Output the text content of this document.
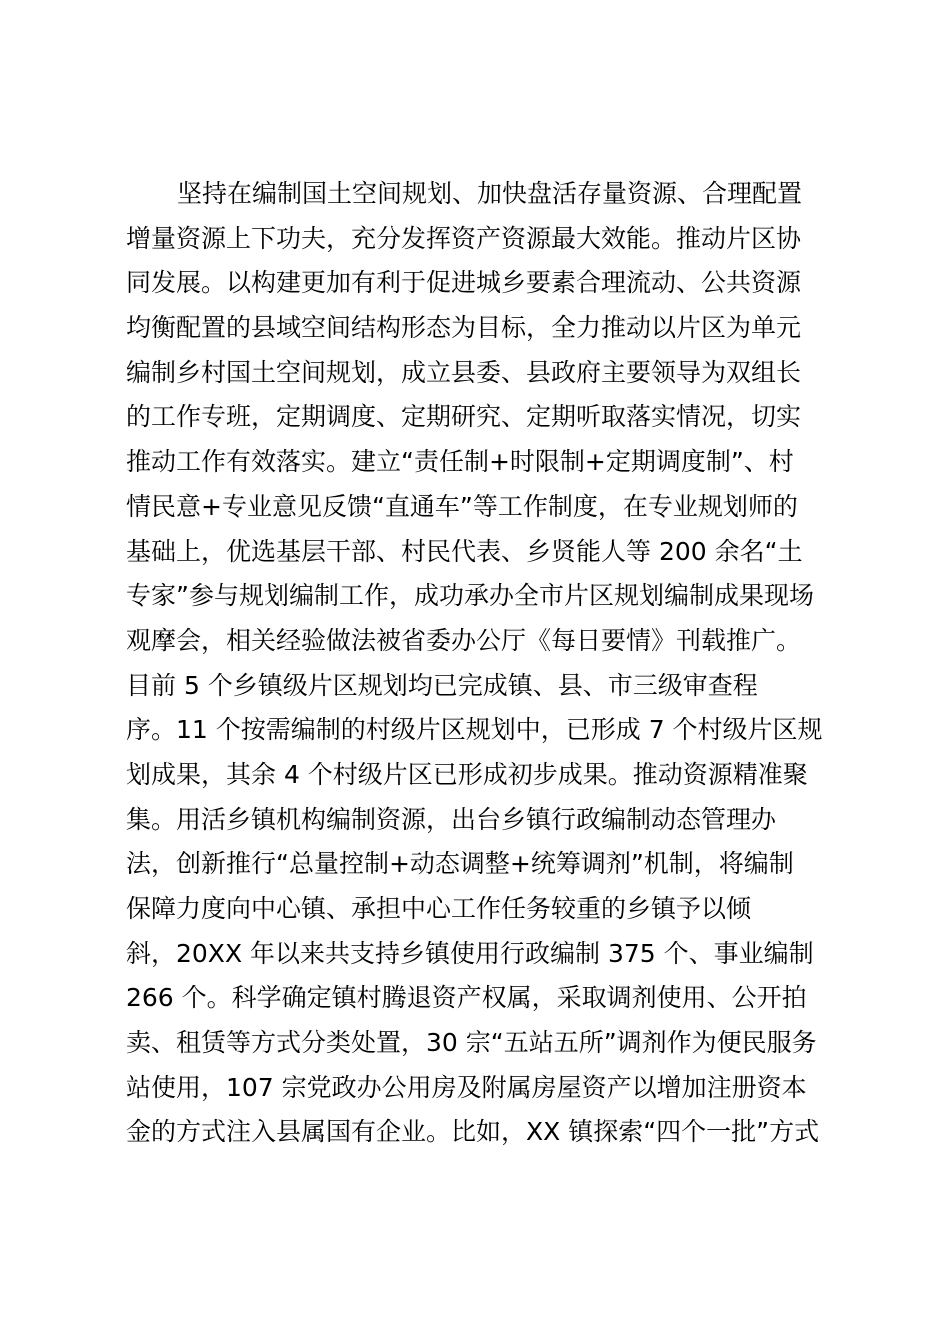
坚持在编制国土空间规划、加快盘活存量资源、合理配置
增量资源上下功夫，充分发挥资产资源最大效能。推动片区协
同发展。以构建更加有利于促进城乡要素合理流动、公共资源
均衡配置的县域空间结构形态为目标，全力推动以片区为单元
编制乡村国土空间规划，成立县委、县政府主要领导为双组长
的工作专班，定期调度、定期研究、定期听取落实情况，切实
推动工作有效落实。建立“责任制+时限制+定期调度制”、村
情民意+专业意见反馈“直通车”等工作制度，在专业规划师的
基础上，优选基层干部、村民代表、乡贤能人等 200 余名“土
专家”参与规划编制工作，成功承办全市片区规划编制成果现场
观摩会，相关经验做法被省委办公厅《每日要情》刊载推广。
目前 5 个乡镇级片区规划均已完成镇、县、市三级审查程
序。11 个按需编制的村级片区规划中，已形成 7 个村级片区规
划成果，其余 4 个村级片区已形成初步成果。推动资源精准聚
集。用活乡镇机构编制资源，出台乡镇行政编制动态管理办
法，创新推行“总量控制+动态调整+统筹调剂”机制，将编制
保障力度向中心镇、承担中心工作任务较重的乡镇予以倾
斜，20XX 年以来共支持乡镇使用行政编制 375 个、事业编制
266 个。科学确定镇村腾退资产权属，采取调剂使用、公开拍
卖、租赁等方式分类处置，30 宗“五站五所”调剂作为便民服务
站使用，107 宗党政办公用房及附属房屋资产以增加注册资本
金的方式注入县属国有企业。比如，XX 镇探索“四个一批”方式
